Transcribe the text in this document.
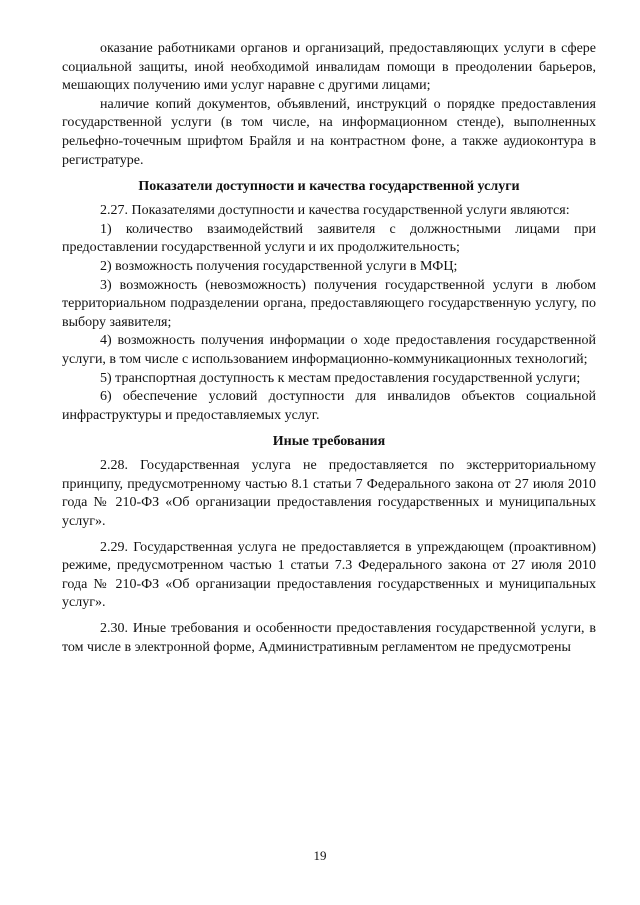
оказание работниками органов и организаций, предоставляющих услуги в сфере социальной защиты, иной необходимой инвалидам помощи в преодолении барьеров, мешающих получению ими услуг наравне с другими лицами;

наличие копий документов, объявлений, инструкций о порядке предоставления государственной услуги (в том числе, на информационном стенде), выполненных рельефно-точечным шрифтом Брайля и на контрастном фоне, а также аудиоконтура в регистратуре.

Показатели доступности и качества государственной услуги

2.27. Показателями доступности и качества государственной услуги являются:

1) количество взаимодействий заявителя с должностными лицами при предоставлении государственной услуги и их продолжительность;

2) возможность получения государственной услуги в МФЦ;

3) возможность (невозможность) получения государственной услуги в любом территориальном подразделении органа, предоставляющего государственную услугу, по выбору заявителя;

4) возможность получения информации о ходе предоставления государственной услуги, в том числе с использованием информационно-коммуникационных технологий;

5) транспортная доступность к местам предоставления государственной услуги;

6) обеспечение условий доступности для инвалидов объектов социальной инфраструктуры и предоставляемых услуг.

Иные требования

2.28. Государственная услуга не предоставляется по экстерриториальному принципу, предусмотренному частью 8.1 статьи 7 Федерального закона от 27 июля 2010 года № 210-ФЗ «Об организации предоставления государственных и муниципальных услуг».

2.29. Государственная услуга не предоставляется в упреждающем (проактивном) режиме, предусмотренном частью 1 статьи 7.3 Федерального закона от 27 июля 2010 года № 210-ФЗ «Об организации предоставления государственных и муниципальных услуг».

2.30. Иные требования и особенности предоставления государственной услуги, в том числе в электронной форме, Административным регламентом не предусмотрены

19
